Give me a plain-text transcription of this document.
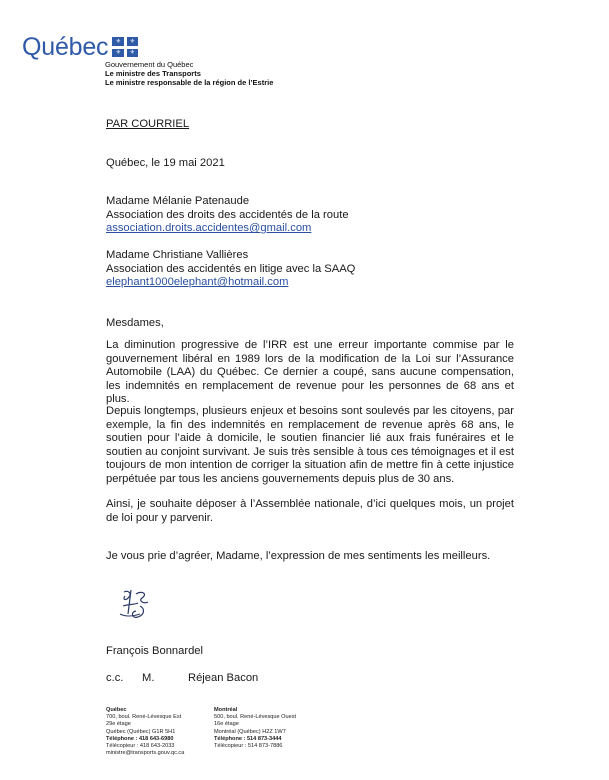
Québec ⚜ ⚜
⚜ ⚜
Gouvernement du Québec
Le ministre des Transports
Le ministre responsable de la région de l’Estrie
PAR COURRIEL
Québec, le 19 mai 2021
Madame Mélanie Patenaude
Association des droits des accidentés de la route
association.droits.accidentes@gmail.com
Madame Christiane Vallières
Association des accidentés en litige avec la SAAQ
elephant1000elephant@hotmail.com
Mesdames,
La diminution progressive de l’IRR est une erreur importante commise par le gouvernement libéral en 1989 lors de la modification de la Loi sur l’Assurance Automobile (LAA) du Québec. Ce dernier a coupé, sans aucune compensation, les indemnités en remplacement de revenue pour les personnes de 68 ans et plus.
Depuis longtemps, plusieurs enjeux et besoins sont soulevés par les citoyens, par exemple, la fin des indemnités en remplacement de revenue après 68 ans, le soutien pour l’aide à domicile, le soutien financier lié aux frais funéraires et le soutien au conjoint survivant. Je suis très sensible à tous ces témoignages et il est toujours de mon intention de corriger la situation afin de mettre fin à cette injustice perpétuée par tous les anciens gouvernements depuis plus de 30 ans.
Ainsi, je souhaite déposer à l’Assemblée nationale, d’ici quelques mois, un projet de loi pour y parvenir.
Je vous prie d’agréer, Madame, l’expression de mes sentiments les meilleurs.
François Bonnardel
c.c.	M.	Réjean Bacon
Québec
700, boul. René-Lévesque Est
29e étage
Québec (Québec) G1R 5H1
Téléphone : 418 643-6980
Télécopieur : 418 643-2033
ministre@transports.gouv.qc.ca
Montréal
500, boul. René-Lévesque Ouest
16e étage
Montréal (Québec) H2Z 1W7
Téléphone : 514 873-3444
Télécopieur : 514 873-7886
